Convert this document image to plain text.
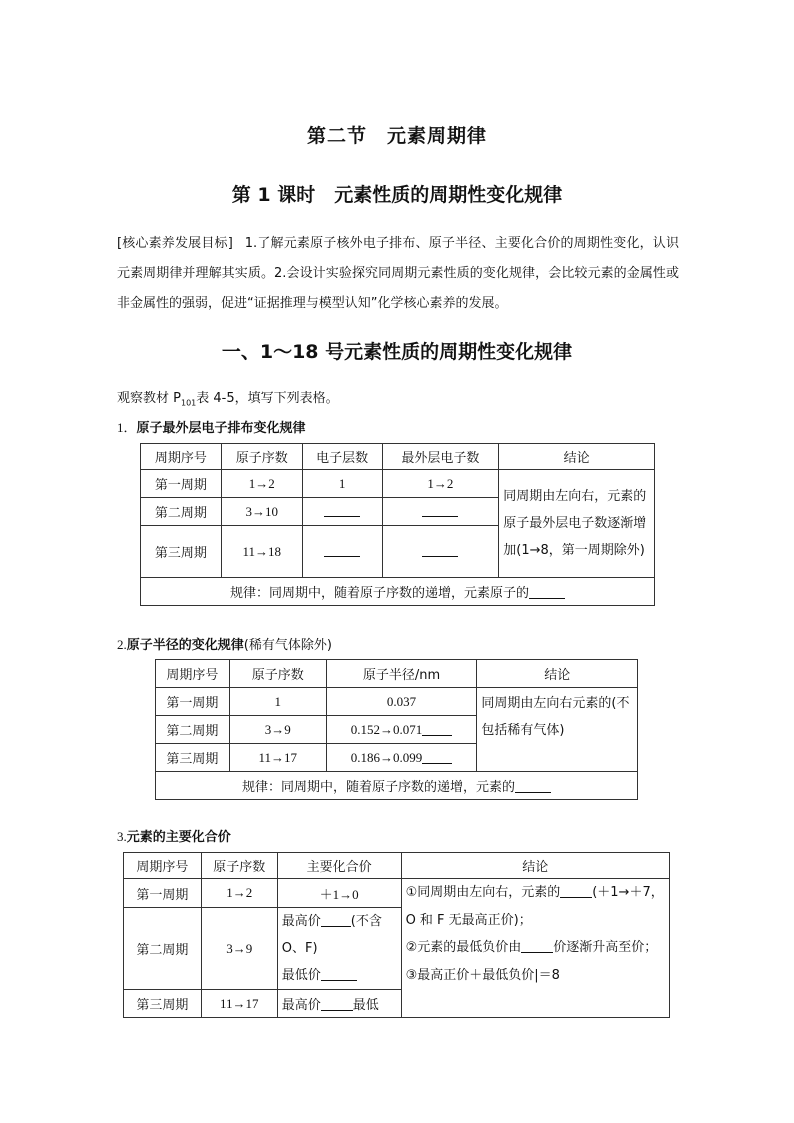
第二节　元素周期律
第 1 课时　元素性质的周期性变化规律
[核心素养发展目标] 1.了解元素原子核外电子排布、原子半径、主要化合价的周期性变化，认识元素周期律并理解其实质。2.会设计实验探究同周期元素性质的变化规律，会比较元素的金属性或非金属性的强弱，促进“证据推理与模型认知”化学核心素养的发展。
一、1～18 号元素性质的周期性变化规律
观察教材 $P_{101}$表 4-5，填写下列表格。
1．原子最外层电子排布变化规律
周期序号	原子序数	电子层数	最外层电子数	结论
第一周期	1→2	1	1→2	同周期由左向右，元素的原子最外层电子数逐渐增加(1→8，第一周期除外)

第二周期	3→10			
第三周期	11→18			
规律：同周期中，随着原子序数的递增，元素原子的				
2.原子半径的变化规律(稀有气体除外)
周期序号	原子序数	原子半径/nm	结论
第一周期	1	0.037	同周期由左向右元素的(不包括稀有气体)

第二周期	3→9	0.152→0.071	
第三周期	11→17	0.186→0.099	
规律：同周期中，随着原子序数的递增，元素的			
3.元素的主要化合价
周期序号	原子序数	主要化合价	结论
第一周期	1→2	＋1→0	①同周期由左向右，元素的 (＋1→＋7，O 和 F 无最高正价)；
②元素的最低负价由 价逐渐升高至价；
③最高正价＋最低负价|＝8

第二周期	3→9	最高价 (不含 O、F)
最低价	

第三周期	11→17	最高价 最低	
